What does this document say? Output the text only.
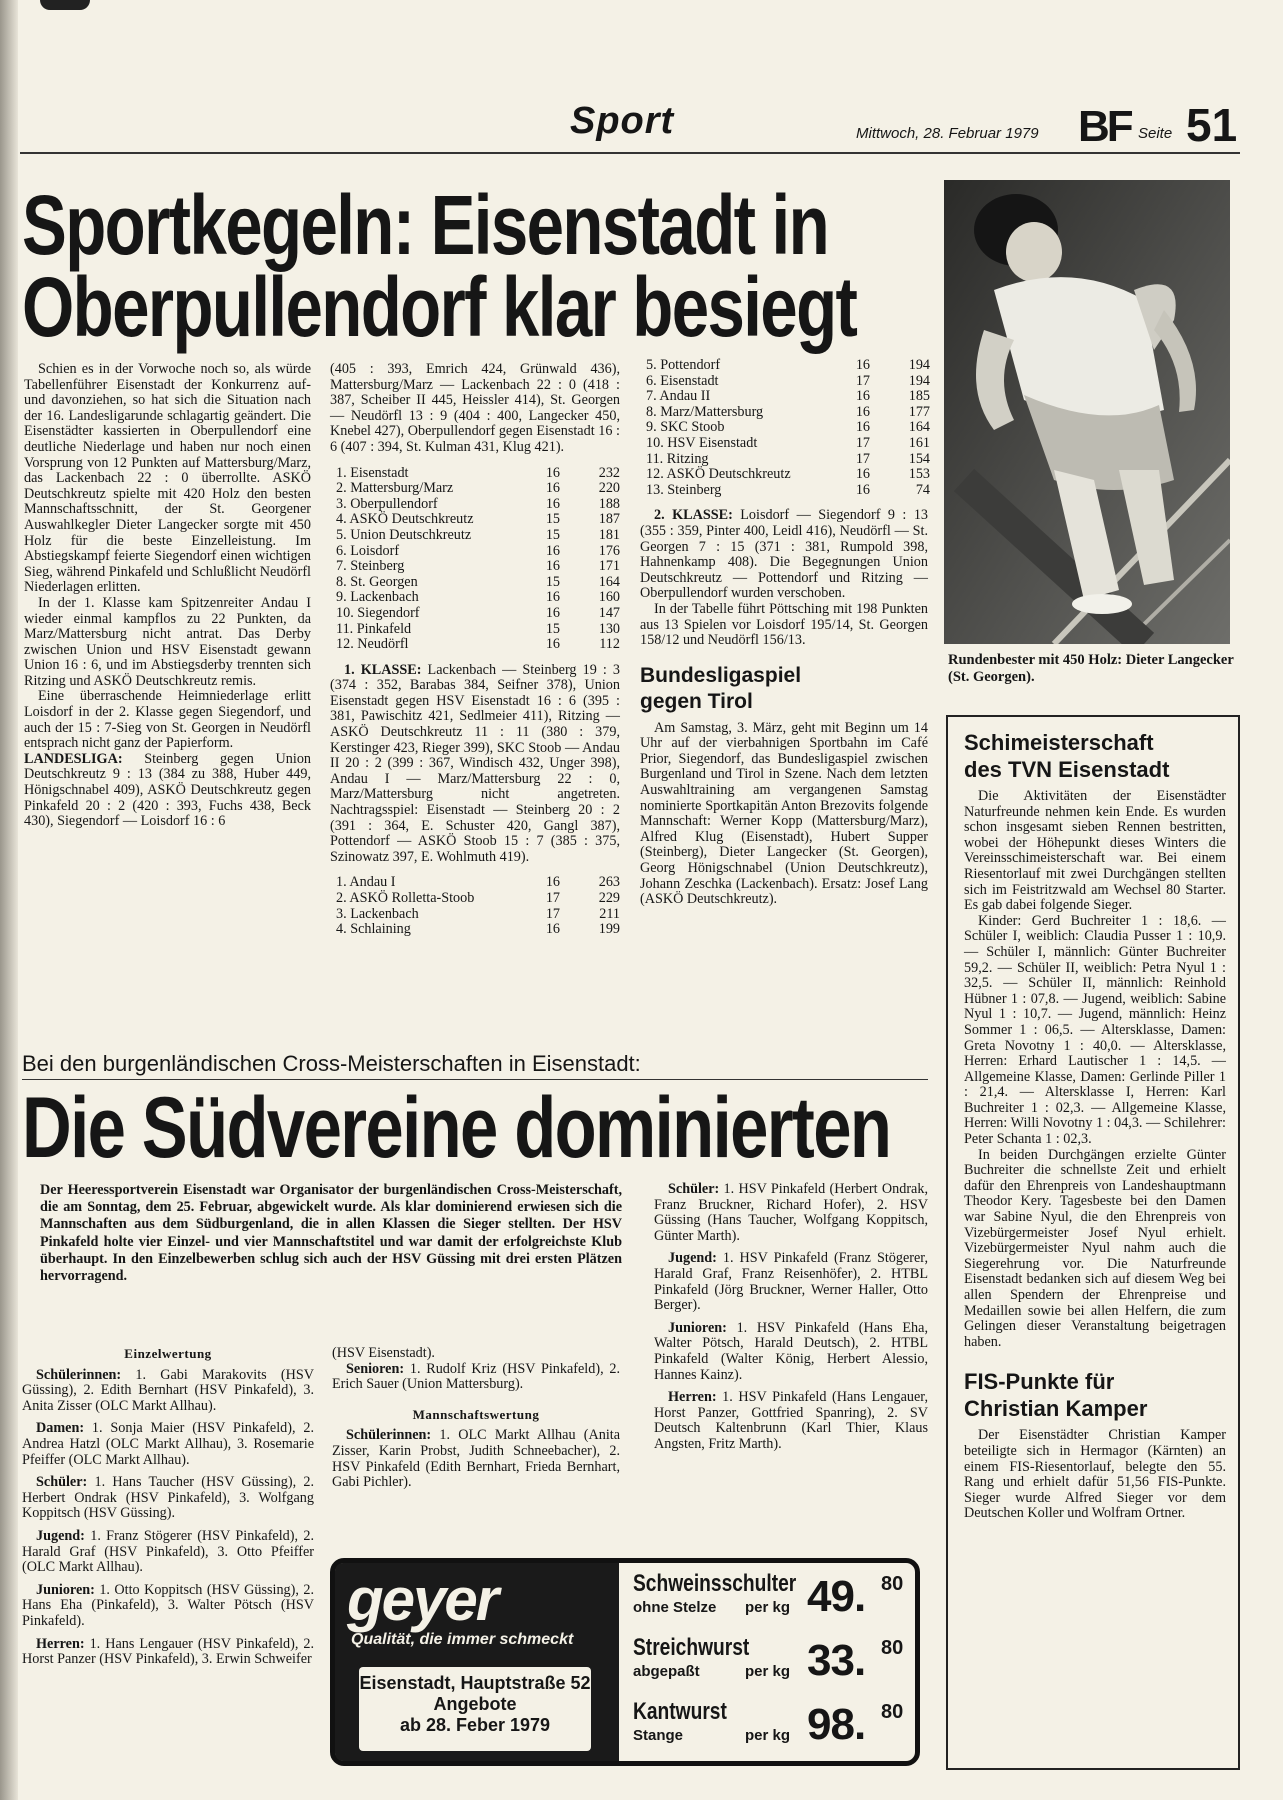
Sport	Mittwoch, 28. Februar 1979 BF Seite 51
Sportkegeln: Eisenstadt in
Oberpullendorf klar besiegt

Schien es in der Vorwoche noch so, als würde Tabellenführer Eisenstadt der Konkurrenz auf- und davonziehen, so hat sich die Situation nach der 16. Landesligarunde schlagartig geändert. Die Eisenstädter kassierten in Oberpullendorf eine deutliche Niederlage und haben nur noch einen Vorsprung von 12 Punkten auf Mattersburg/Marz, das Lackenbach 22 : 0 überrollte. ASKÖ Deutschkreutz spielte mit 420 Holz den besten Mannschaftsschnitt, der St. Georgener Auswahlkegler Dieter Langecker sorgte mit 450 Holz für die beste Einzelleistung. Im Abstiegskampf feierte Siegendorf einen wichtigen Sieg, während Pinkafeld und Schlußlicht Neudörfl Niederlagen erlitten.

In der 1. Klasse kam Spitzenreiter Andau I wieder einmal kampflos zu 22 Punkten, da Marz/Mattersburg nicht antrat. Das Derby zwischen Union und HSV Eisenstadt gewann Union 16 : 6, und im Abstiegsderby trennten sich Ritzing und ASKÖ Deutschkreutz remis.

Eine überraschende Heimniederlage erlitt Loisdorf in der 2. Klasse gegen Siegendorf, und auch der 15 : 7-Sieg von St. Georgen in Neudörfl entsprach nicht ganz der Papierform.

LANDESLIGA: Steinberg gegen Union Deutschkreutz 9 : 13 (384 zu 388, Huber 449, Hönigschnabel 409), ASKÖ Deutschkreutz gegen Pinkafeld 20 : 2 (420 : 393, Fuchs 438, Beck 430), Siegendorf — Loisdorf 16 : 6

(405 : 393, Emrich 424, Grünwald 436), Mattersburg/Marz — Lackenbach 22 : 0 (418 : 387, Scheiber II 445, Heissler 414), St. Georgen — Neudörfl 13 : 9 (404 : 400, Langecker 450, Knebel 427), Oberpullendorf gegen Eisenstadt 16 : 6 (407 : 394, St. Kulman 431, Klug 421).

1. Eisenstadt	16	232
2. Mattersburg/Marz	16	220
3. Oberpullendorf	16	188
4. ASKÖ Deutschkreutz	15	187
5. Union Deutschkreutz	15	181
6. Loisdorf	16	176
7. Steinberg	16	171
8. St. Georgen	15	164
9. Lackenbach	16	160
10. Siegendorf	16	147
11. Pinkafeld	15	130
12. Neudörfl	16	112

1. KLASSE: Lackenbach — Steinberg 19 : 3 (374 : 352, Barabas 384, Seifner 378), Union Eisenstadt gegen HSV Eisenstadt 16 : 6 (395 : 381, Pawischitz 421, Sedlmeier 411), Ritzing — ASKÖ Deutschkreutz 11 : 11 (380 : 379, Kerstinger 423, Rieger 399), SKC Stoob — Andau II 20 : 2 (399 : 367, Windisch 432, Unger 398), Andau I — Marz/Mattersburg 22 : 0, Marz/Mattersburg nicht angetreten. Nachtragsspiel: Eisenstadt — Steinberg 20 : 2 (391 : 364, E. Schuster 420, Gangl 387), Pottendorf — ASKÖ Stoob 15 : 7 (385 : 375, Szinowatz 397, E. Wohlmuth 419).

1. Andau I	16	263
2. ASKÖ Rolletta-Stoob	17	229
3. Lackenbach	17	211
4. Schlaining	16	199
5. Pottendorf	16	194
6. Eisenstadt	17	194
7. Andau II	16	185
8. Marz/Mattersburg	16	177
9. SKC Stoob	16	164
10. HSV Eisenstadt	17	161
11. Ritzing	17	154
12. ASKÖ Deutschkreutz	16	153
13. Steinberg	16	74

2. KLASSE: Loisdorf — Siegendorf 9 : 13 (355 : 359, Pinter 400, Leidl 416), Neudörfl — St. Georgen 7 : 15 (371 : 381, Rumpold 398, Hahnenkamp 408). Die Begegnungen Union Deutschkreutz — Pottendorf und Ritzing — Oberpullendorf wurden verschoben.

In der Tabelle führt Pöttsching mit 198 Punkten aus 13 Spielen vor Loisdorf 195/14, St. Georgen 158/12 und Neudörfl 156/13.

Bundesligaspiel
gegen Tirol

Am Samstag, 3. März, geht mit Beginn um 14 Uhr auf der vierbahnigen Sportbahn im Café Prior, Siegendorf, das Bundesligaspiel zwischen Burgenland und Tirol in Szene. Nach dem letzten Auswahltraining am vergangenen Samstag nominierte Sportkapitän Anton Brezovits folgende Mannschaft: Werner Kopp (Mattersburg/Marz), Alfred Klug (Eisenstadt), Hubert Supper (Steinberg), Dieter Langecker (St. Georgen), Georg Hönigschnabel (Union Deutschkreutz), Johann Zeschka (Lackenbach). Ersatz: Josef Lang (ASKÖ Deutschkreutz).

Rundenbester mit 450 Holz: Dieter Langecker (St. Georgen).
Schimeisterschaft
des TVN Eisenstadt

Die Aktivitäten der Eisenstädter Naturfreunde nehmen kein Ende. Es wurden schon insgesamt sieben Rennen bestritten, wobei der Höhepunkt dieses Winters die Vereinsschimeisterschaft war. Bei einem Riesentorlauf mit zwei Durchgängen stellten sich im Feistritzwald am Wechsel 80 Starter. Es gab dabei folgende Sieger.

Kinder: Gerd Buchreiter 1 : 18,6. — Schüler I, weiblich: Claudia Pusser 1 : 10,9. — Schüler I, männlich: Günter Buchreiter 59,2. — Schüler II, weiblich: Petra Nyul 1 : 32,5. — Schüler II, männlich: Reinhold Hübner 1 : 07,8. — Jugend, weiblich: Sabine Nyul 1 : 10,7. — Jugend, männlich: Heinz Sommer 1 : 06,5. — Altersklasse, Damen: Greta Novotny 1 : 40,0. — Altersklasse, Herren: Erhard Lautischer 1 : 14,5. — Allgemeine Klasse, Damen: Gerlinde Piller 1 : 21,4. — Altersklasse I, Herren: Karl Buchreiter 1 : 02,3. — Allgemeine Klasse, Herren: Willi Novotny 1 : 04,3. — Schilehrer: Peter Schanta 1 : 02,3.

In beiden Durchgängen erzielte Günter Buchreiter die schnellste Zeit und erhielt dafür den Ehrenpreis von Landeshauptmann Theodor Kery. Tagesbeste bei den Damen war Sabine Nyul, die den Ehrenpreis von Vizebürgermeister Josef Nyul erhielt. Vizebürgermeister Nyul nahm auch die Siegerehrung vor. Die Naturfreunde Eisenstadt bedanken sich auf diesem Weg bei allen Spendern der Ehrenpreise und Medaillen sowie bei allen Helfern, die zum Gelingen dieser Veranstaltung beigetragen haben.

FIS-Punkte für
Christian Kamper

Der Eisenstädter Christian Kamper beteiligte sich in Hermagor (Kärnten) an einem FIS-Riesentorlauf, belegte den 55. Rang und erhielt dafür 51,56 FIS-Punkte. Sieger wurde Alfred Sieger vor dem Deutschen Koller und Wolfram Ortner.

Bei den burgenländischen Cross-Meisterschaften in Eisenstadt:
Die Südvereine dominierten
Der Heeressportverein Eisenstadt war Organisator der burgenländischen Cross-Meisterschaft, die am Sonntag, dem 25. Februar, abgewickelt wurde. Als klar dominierend erwiesen sich die Mannschaften aus dem Südburgenland, die in allen Klassen die Sieger stellten. Der HSV Pinkafeld holte vier Einzel- und vier Mannschaftstitel und war damit der erfolgreichste Klub überhaupt. In den Einzelbewerben schlug sich auch der HSV Güssing mit drei ersten Plätzen hervorragend.
Einzelwertung

Schülerinnen: 1. Gabi Marakovits (HSV Güssing), 2. Edith Bernhart (HSV Pinkafeld), 3. Anita Zisser (OLC Markt Allhau).

Damen: 1. Sonja Maier (HSV Pinkafeld), 2. Andrea Hatzl (OLC Markt Allhau), 3. Rosemarie Pfeiffer (OLC Markt Allhau).

Schüler: 1. Hans Taucher (HSV Güssing), 2. Herbert Ondrak (HSV Pinkafeld), 3. Wolfgang Koppitsch (HSV Güssing).

Jugend: 1. Franz Stögerer (HSV Pinkafeld), 2. Harald Graf (HSV Pinkafeld), 3. Otto Pfeiffer (OLC Markt Allhau).

Junioren: 1. Otto Koppitsch (HSV Güssing), 2. Hans Eha (Pinkafeld), 3. Walter Pötsch (HSV Pinkafeld).

Herren: 1. Hans Lengauer (HSV Pinkafeld), 2. Horst Panzer (HSV Pinkafeld), 3. Erwin Schweifer

(HSV Eisenstadt).

Senioren: 1. Rudolf Kriz (HSV Pinkafeld), 2. Erich Sauer (Union Mattersburg).

Mannschaftswertung

Schülerinnen: 1. OLC Markt Allhau (Anita Zisser, Karin Probst, Judith Schneebacher), 2. HSV Pinkafeld (Edith Bernhart, Frieda Bernhart, Gabi Pichler).

Schüler: 1. HSV Pinkafeld (Herbert Ondrak, Franz Bruckner, Richard Hofer), 2. HSV Güssing (Hans Taucher, Wolfgang Koppitsch, Günter Marth).

Jugend: 1. HSV Pinkafeld (Franz Stögerer, Harald Graf, Franz Reisenhöfer), 2. HTBL Pinkafeld (Jörg Bruckner, Werner Haller, Otto Berger).

Junioren: 1. HSV Pinkafeld (Hans Eha, Walter Pötsch, Harald Deutsch), 2. HTBL Pinkafeld (Walter König, Herbert Alessio, Hannes Kainz).

Herren: 1. HSV Pinkafeld (Hans Lengauer, Horst Panzer, Gottfried Spanring), 2. SV Deutsch Kaltenbrunn (Karl Thier, Klaus Angsten, Fritz Marth).

geyer
Qualität, die immer schmeckt
Eisenstadt, Hauptstraße 52
Angebote
ab 28. Feber 1979
Schweinsschulter
ohne Stelze per kg 49. 80
Streichwurst
abgepaßt	per kg 33. 80
Kantwurst
Stange	per kg 98. 80
